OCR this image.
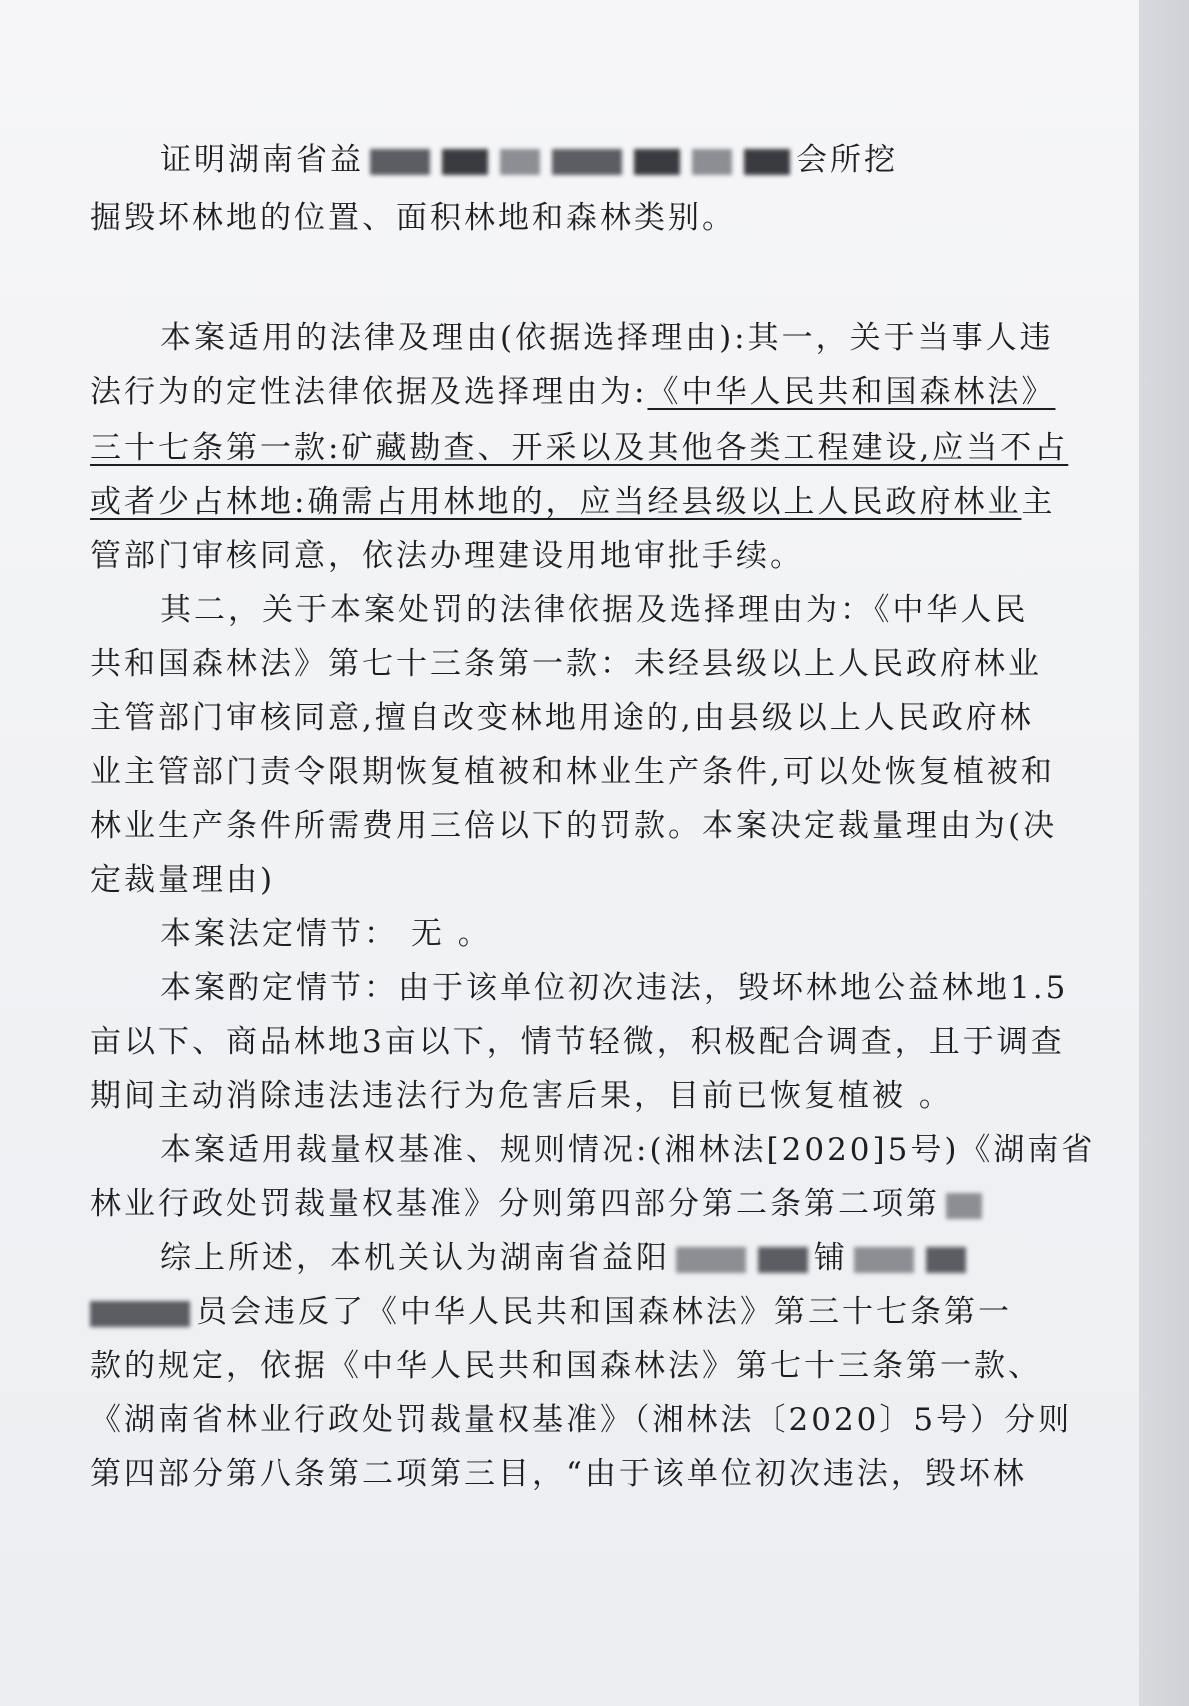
证明湖南省益	会所挖
掘毁坏林地的位置、面积林地和森林类别。
本案适用的法律及理由(依据选择理由):其一，关于当事人违
法行为的定性法律依据及选择理由为:《中华人民共和国森林法》
三十七条第一款:矿藏勘查、开采以及其他各类工程建设,应当不占
或者少占林地:确需占用林地的，应当经县级以上人民政府林业主
管部门审核同意，依法办理建设用地审批手续。
其二，关于本案处罚的法律依据及选择理由为：《中华人民
共和国森林法》第七十三条第一款：未经县级以上人民政府林业
主管部门审核同意,擅自改变林地用途的,由县级以上人民政府林
业主管部门责令限期恢复植被和林业生产条件,可以处恢复植被和
林业生产条件所需费用三倍以下的罚款。本案决定裁量理由为(决
定裁量理由)
本案法定情节： 无 。
本案酌定情节：由于该单位初次违法，毁坏林地公益林地1.5
亩以下、商品林地3亩以下，情节轻微，积极配合调查，且于调查
期间主动消除违法违法行为危害后果，目前已恢复植被 。
本案适用裁量权基准、规则情况:(湘林法[2020]5号)《湖南省
林业行政处罚裁量权基准》分则第四部分第二条第二项第
综上所述，本机关认为湖南省益阳	铺
员会违反了《中华人民共和国森林法》第三十七条第一
款的规定，依据《中华人民共和国森林法》第七十三条第一款、
《湖南省林业行政处罚裁量权基准》（湘林法〔2020〕5号）分则
第四部分第八条第二项第三目，“由于该单位初次违法，毁坏林
